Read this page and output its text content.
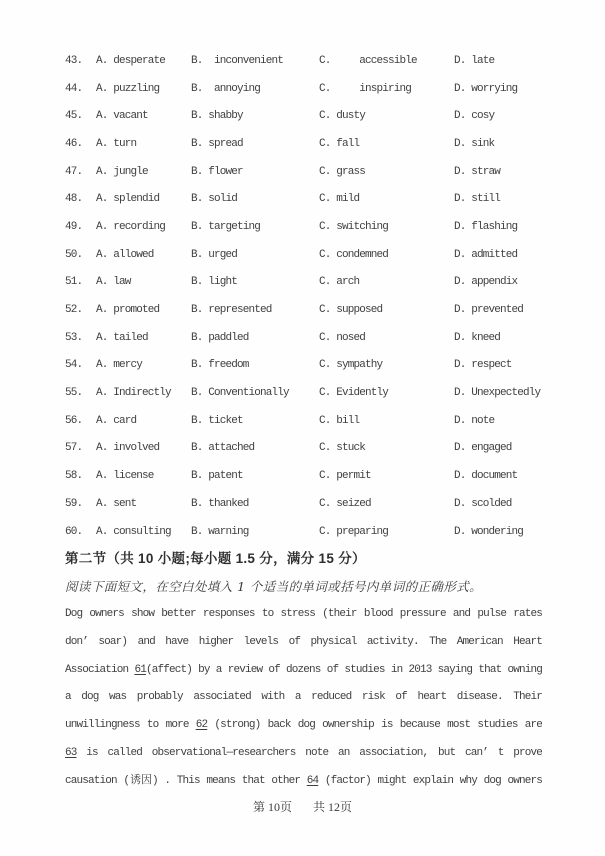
43.	A. desperate	B.  inconvenient	C.     accessible	D. late
44.	A. puzzling	B.  annoying	C.     inspiring	D. worrying
45.	A. vacant	B. shabby	C. dusty	D. cosy
46.	A. turn	B. spread	C. fall	D. sink
47.	A. jungle	B. flower	C. grass	D. straw
48.	A. splendid	B. solid	C. mild	D. still
49.	A. recording	B. targeting	C. switching	D. flashing
50.	A. allowed	B. urged	C. condemned	D. admitted
51.	A. law	B. light	C. arch	D. appendix
52.	A. promoted	B. represented	C. supposed	D. prevented
53.	A. tailed	B. paddled	C. nosed	D. kneed
54.	A. mercy	B. freedom	C. sympathy	D. respect
55.	A. Indirectly	B. Conventionally	C. Evidently	D. Unexpectedly
56.	A. card	B. ticket	C. bill	D. note
57.	A. involved	B. attached	C. stuck	D. engaged
58.	A. license	B. patent	C. permit	D. document
59.	A. sent	B. thanked	C. seized	D. scolded
60.	A. consulting	B. warning	C. preparing	D. wondering
第二节（共 10 小题;每小题 1.5 分，满分 15 分）
阅读下面短文，在空白处填入 1 个适当的单词或括号内单词的正确形式。
Dog owners show better responses to stress (their blood pressure and pulse rates
don’ soar) and have higher levels of physical activity. The American Heart
Association 61(affect) by a review of dozens of studies in 2013 saying that owning
a dog was probably associated with a reduced risk of heart disease. Their
unwillingness to more 62 (strong) back dog ownership is because most studies are
63 is called observational—researchers note an association, but can’ t prove
causation (诱因) . This means that other 64 (factor) might explain why dog owners
第 10页 共 12页
